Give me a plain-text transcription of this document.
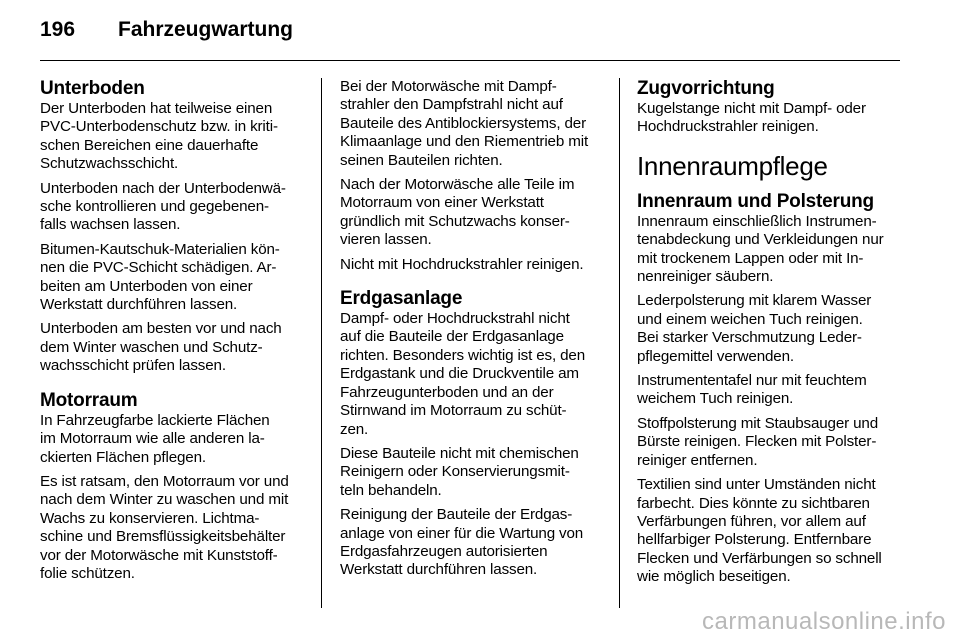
196 Fahrzeugwartung
Unterboden

Der Unterboden hat teilweise einen
PVC-Unterbodenschutz bzw. in kriti-
schen Bereichen eine dauerhafte
Schutzwachsschicht.

Unterboden nach der Unterbodenwä-
sche kontrollieren und gegebenen-
falls wachsen lassen.

Bitumen-Kautschuk-Materialien kön-
nen die PVC-Schicht schädigen. Ar-
beiten am Unterboden von einer
Werkstatt durchführen lassen.

Unterboden am besten vor und nach
dem Winter waschen und Schutz-
wachsschicht prüfen lassen.

Motorraum

In Fahrzeugfarbe lackierte Flächen
im Motorraum wie alle anderen la-
ckierten Flächen pflegen.

Es ist ratsam, den Motorraum vor und
nach dem Winter zu waschen und mit
Wachs zu konservieren. Lichtma-
schine und Bremsflüssigkeitsbehälter
vor der Motorwäsche mit Kunststoff-
folie schützen.

Bei der Motorwäsche mit Dampf-
strahler den Dampfstrahl nicht auf
Bauteile des Antiblockiersystems, der
Klimaanlage und den Riementrieb mit
seinen Bauteilen richten.

Nach der Motorwäsche alle Teile im
Motorraum von einer Werkstatt
gründlich mit Schutzwachs konser-
vieren lassen.

Nicht mit Hochdruckstrahler reinigen.

Erdgasanlage

Dampf- oder Hochdruckstrahl nicht
auf die Bauteile der Erdgasanlage
richten. Besonders wichtig ist es, den
Erdgastank und die Druckventile am
Fahrzeugunterboden und an der
Stirnwand im Motorraum zu schüt-
zen.

Diese Bauteile nicht mit chemischen
Reinigern oder Konservierungsmit-
teln behandeln.

Reinigung der Bauteile der Erdgas-
anlage von einer für die Wartung von
Erdgasfahrzeugen autorisierten
Werkstatt durchführen lassen.

Zugvorrichtung

Kugelstange nicht mit Dampf- oder
Hochdruckstrahler reinigen.

Innenraumpflege
Innenraum und Polsterung

Innenraum einschließlich Instrumen-
tenabdeckung und Verkleidungen nur
mit trockenem Lappen oder mit In-
nenreiniger säubern.

Lederpolsterung mit klarem Wasser
und einem weichen Tuch reinigen.
Bei starker Verschmutzung Leder-
pflegemittel verwenden.

Instrumententafel nur mit feuchtem
weichem Tuch reinigen.

Stoffpolsterung mit Staubsauger und
Bürste reinigen. Flecken mit Polster-
reiniger entfernen.

Textilien sind unter Umständen nicht
farbecht. Dies könnte zu sichtbaren
Verfärbungen führen, vor allem auf
hellfarbiger Polsterung. Entfernbare
Flecken und Verfärbungen so schnell
wie möglich beseitigen.

carmanualsonline.info
